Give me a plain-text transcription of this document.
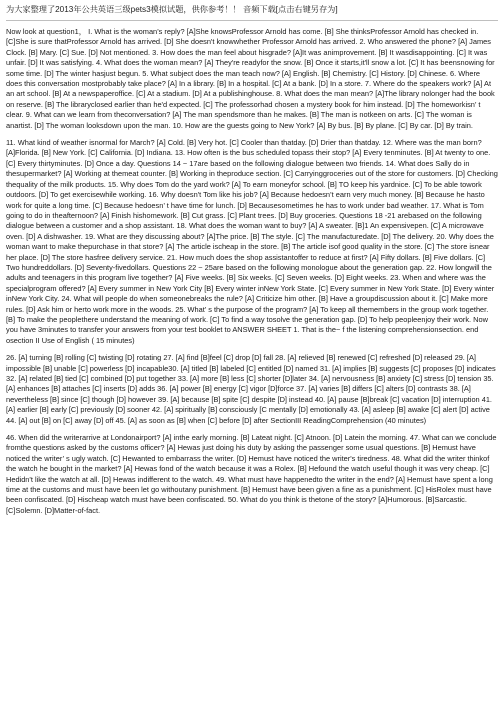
为大家整理了2013年公共英语三级pets3模拟试题，供你参考！！ 音频下载[点击右键另存为]

Now look at question1， I. What is the woman’s reply? [A]She knowsProfessor Arnold has come. [B] She thinksProfessor Arnold has checked in. [C]She is sure thatProfessor Arnold has arrived. [D] She doesn't knowwhether Professor Arnold has arrived. 2. Who answered the phone? [A] James Clock. [B] Mary. [C] Sue. [D] Not mentioned. 3. How does the man feel about hisgrade? [A]It was animprovement. [B] It wasdisappointing. [C] It was unfair. [D] It was satisfying. 4. What does the woman mean? [A] They're readyfor the snow. [B] Once it starts,it'll snow a lot. [C] It has beensnowing for some time. [D] The winter hasjust begun. 5. What subject does the man teach now? [A] English. [B] Chemistry. [C] History. [D] Chinese. 6. Where does this conversation mostprobably take place? [A] In a library. [B] In a hospital. [C] At a bank. [D] In a store. 7. Where do the speakers work? [A] At an art school. [B] At a newspaperoffice. [C] At a stadium. [D] At a publishinghouse. 8. What does the man mean? [A]The library nolonger had the book on reserve. [B] The libraryclosed earlier than he'd expected. [C] The professorhad chosen a mystery book for him instead. [D] The homeworkisn’ t clear. 9. What can we learn from theconversation? [A] The man spendsmore than he makes. [B] The man is notkeen on arts. [C] The woman is anartist. [D] The woman looksdown upon the man. 10. How are the guests going to New York? [A] By bus. [B] By plane. [C] By car. [D] By train.

11. What kind of weather isnormal for March? [A] Cold. [B] Very hot. [C] Cooler than thatday. [D] Drier than thatday. 12. Where was the man born? [A]Florida. [B] New York. [C] California. [D] Indiana. 13. How often is the bus scheduled topass their stop? [A] Every tenminutes. [B] At twenty to one. [C] Every thirtyminutes. [D] Once a day. Questions 14 ~ 17are based on the following dialogue between two friends. 14. What does Sally do in thesupermarket? [A] Working at themeat counter. [B] Working in theproduce section. [C] Carryinggroceries out of the store for customers. [D] Checking thequality of the milk products. 15. Why does Tom do the yard work? [A] To earn moneyfor school. [B] TO keep his yardnice. [C] To be able towork outdoors. [D] To get exercisewhile working. 16. Why doesn't Tom like his job? [A] Because hedoesn’t earn very much money. [B] Because he hasto work for quite a long time. [C] Because hedoesn’ t have time for lunch. [D] Becausesometimes he has to work under bad weather. 17. What is Tom going to do in theafternoon? [A] Finish hishomework. [B] Cut grass. [C] Plant trees. [D] Buy groceries. Questions 18 -21 arebased on the following dialogue between a customer and a shop assistant. 18. What does the woman want to buy? [A] A sweater. [B]1 An expensivepen. [C] A microwave oven. [D] A dishwasher. 19. What are they discussing about? [A]The price. [B] The style. [C] The manufacturedate. [D] The delivery. 20. Why does the woman want to make thepurchase in that store? [A] The article ischeap in the store. [B] The article isof good quality in the store. [C] The store isnear her place. [D] The store hasfree delivery service. 21. How much does the shop assistantoffer to reduce at first? [A] Fifty dollars. [B] Five dollars. [C] Two hundreddollars. [D] Seventy-fivedollars. Questions 22 ~ 25are based on the following monologue about the generation gap. 22. How longwill the adults and teenagers in this program live together? [A] Five weeks. [B] Six weeks. [C] Seven weeks. [D] Eight weeks. 23. When and where was the specialprogram offered? [A] Every summer in New York City [B] Every winter inNew York State. [C] Every summer in New York State. [D] Every winter inNew York City. 24. What will people do when someonebreaks the rule? [A] Criticize him other. [B] Have a groupdiscussion about it. [C] Make more rules. [D] Ask him or herto work more in the woods. 25. What’ s the purpose of the program? [A] To keep all themembers in the group work together. [B] To make the peoplethere understand the meaning of work. [C] To find a way tosolve the generation gap. [D] To help peopleenjoy their work. Now you have 3minutes to transfer your answers from your test booklet to ANSWER SHEET 1. That is the~ f the listening comprehensionsection. end osection II Use of English ( 15 minutes)

26. [A] turning [B] rolling [C] twisting [D] rotating 27. [A] find [B]feel [C] drop [D] fall 28. [A] relieved [B] renewed [C] refreshed [D] released 29. [A] impossible [B] unable [C] powerless [D] incapable30. [A] titled [B] labeled [C] entitled [D] named 31. [A] implies [B] suggests [C] proposes [D] indicates 32. [A] related [B] tied [C] combined [D] put together 33. [A] more [B] less [C] shorter [D]later 34. [A] nervousness [B] anxiety [C] stress [D] tension 35. [A] enhances [B] attaches [C] inserts [D] adds 36. [A] power [B] energy [C] vigor [D]force 37. [A] varies [B] differs [C] alters [D] contrasts 38. [A] nevertheless [B] since [C] though [D] however 39. [A] because [B] spite [C] despite [D] instead 40. [A] pause [B]break [C] vacation [D] interruption 41. [A] earlier [B] early [C] previously [D] sooner 42. [A] spiritually [B] consciously [C mentally [D] emotionally 43. [A] asleep [B] awake [C] alert [D] active 44. [A] out [B] on [C] away [D] off 45. [A] as soon as [B] when [C] before [D] after SectionIII ReadingComprehension (40 minutes)

46. When did the writerarrive at Londonairport? [A] inthe early morning. [B] Lateat night. [C] Atnoon. [D] Latein the morning. 47. What can we conclude fromthe questions asked by the customs officer? [A] Hewas just doing his duty by asking the passenger some usual questions. [B] Hemust have noticed the writer’ s ugly watch. [C] Hewanted to embarrass the writer. [D] Hemust have noticed the writer's tiredness. 48. What did the writer thinkof the watch he bought in the market? [A] Hewas fond of the watch because it was a Rolex. [B] Hefound the watch useful though it was very cheap. [C] Hedidn't like the watch at all. [D] Hewas indifferent to the watch. 49. What must have happenedto the writer in the end? [A] Hemust have spent a long time at the customs and must have been let go withoutany punishment. [B] Hemust have been given a fine as a punishment. [C] HisRolex must have been confiscated. [D] Hischeap watch must have been confiscated. 50. What do you think is thetone of the story? [A]Humorous. [B]Sarcastic. [C]Solemn. [D]Matter-of-fact.
